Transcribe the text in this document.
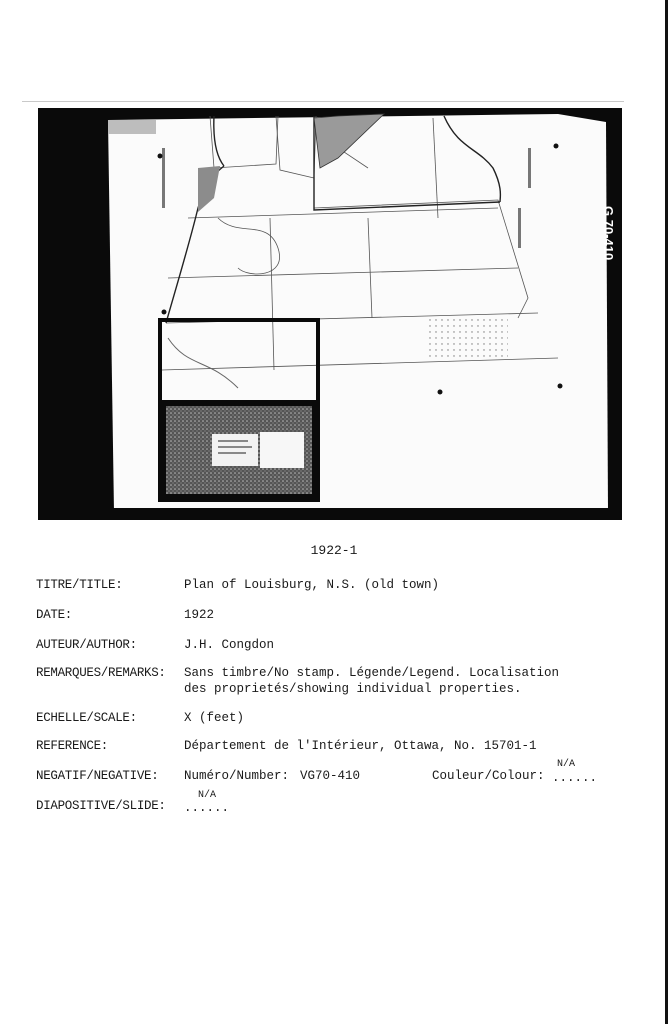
G 70-410
1922-1
TITRE/TITLE:	Plan of Louisburg, N.S. (old town)
DATE:	1922
AUTEUR/AUTHOR:	J.H. Congdon
REMARQUES/REMARKS:	Sans timbre/No stamp. Légende/Legend. Localisation
des proprietés/showing individual properties.
ECHELLE/SCALE:	X (feet)
REFERENCE:	Département de l'Intérieur, Ottawa, No. 15701-1
NEGATIF/NEGATIVE:	Numéro/Number: VG70-410	Couleur/Colour: ......
N/A
DIAPOSITIVE/SLIDE:	......
N/A
